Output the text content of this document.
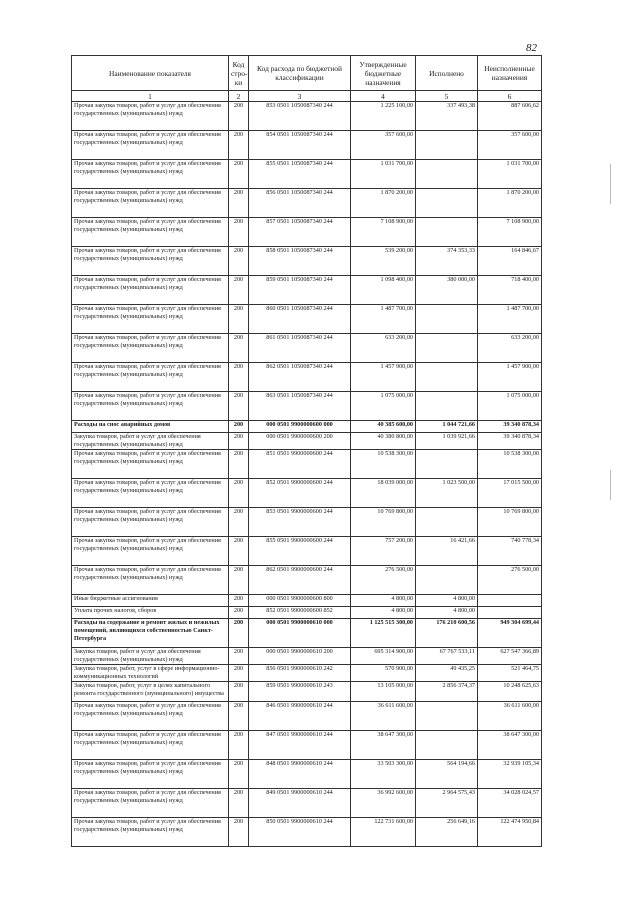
82
Наименование показателя	Код стро-ки	Код расхода по бюджетной классификации	Утвержденные бюджетные назначения	Исполнено	Неисполненные назначения
1	2	3	4	5	6
Прочая закупка товаров, работ и услуг для обеспечения государственных (муниципальных) нужд	200	853 0501 1050087340 244	1 225 100,00	337 493,38	887 606,62
Прочая закупка товаров, работ и услуг для обеспечения государственных (муниципальных) нужд	200	854 0501 1050087340 244	357 600,00		357 600,00
Прочая закупка товаров, работ и услуг для обеспечения государственных (муниципальных) нужд	200	855 0501 1050087340 244	1 031 700,00		1 031 700,00
Прочая закупка товаров, работ и услуг для обеспечения государственных (муниципальных) нужд	200	856 0501 1050087340 244	1 870 200,00		1 870 200,00
Прочая закупка товаров, работ и услуг для обеспечения государственных (муниципальных) нужд	200	857 0501 1050087340 244	7 108 900,00		7 108 900,00
Прочая закупка товаров, работ и услуг для обеспечения государственных (муниципальных) нужд	200	858 0501 1050087340 244	539 200,00	374 353,33	164 846,67
Прочая закупка товаров, работ и услуг для обеспечения государственных (муниципальных) нужд	200	859 0501 1050087340 244	1 098 400,00	380 000,00	718 400,00
Прочая закупка товаров, работ и услуг для обеспечения государственных (муниципальных) нужд	200	860 0501 1050087340 244	1 487 700,00		1 487 700,00
Прочая закупка товаров, работ и услуг для обеспечения государственных (муниципальных) нужд	200	861 0501 1050087340 244	633 200,00		633 200,00
Прочая закупка товаров, работ и услуг для обеспечения государственных (муниципальных) нужд	200	862 0501 1050087340 244	1 457 900,00		1 457 900,00
Прочая закупка товаров, работ и услуг для обеспечения государственных (муниципальных) нужд	200	863 0501 1050087340 244	1 075 000,00		1 075 000,00
Расходы на снос аварийных домов	200	000 0501 9900000600 000	40 385 600,00	1 044 721,66	39 340 878,34
Закупка товаров, работ и услуг для обеспечения государственных (муниципальных) нужд	200	000 0501 9900000600 200	40 380 800,00	1 039 921,66	39 340 878,34
Прочая закупка товаров, работ и услуг для обеспечения государственных (муниципальных) нужд	200	851 0501 9900000600 244	10 538 300,00		10 538 300,00
Прочая закупка товаров, работ и услуг для обеспечения государственных (муниципальных) нужд	200	852 0501 9900000600 244	18 039 000,00	1 023 500,00	17 015 500,00
Прочая закупка товаров, работ и услуг для обеспечения государственных (муниципальных) нужд	200	853 0501 9900000600 244	10 769 800,00		10 769 800,00
Прочая закупка товаров, работ и услуг для обеспечения государственных (муниципальных) нужд	200	855 0501 9900000600 244	757 200,00	16 421,66	740 778,34
Прочая закупка товаров, работ и услуг для обеспечения государственных (муниципальных) нужд	200	862 0501 9900000600 244	276 500,00		276 500,00
Иные бюджетные ассигнования	200	000 0501 9900000600 800	4 800,00	4 800,00	
Уплата прочих налогов, сборов	200	852 0501 9900000600 852	4 800,00	4 800,00	
Расходы на содержание и ремонт жилых и нежилых помещений, являющихся собственностью Санкт-Петербурга	200	000 0501 9900000610 000	1 125 515 300,00	176 210 600,56	949 304 699,44
Закупка товаров, работ и услуг для обеспечения государственных (муниципальных) нужд	200	000 0501 9900000610 200	695 314 900,00	67 767 533,11	627 547 366,89
Закупка товаров, работ, услуг в сфере информационно-коммуникационных технологий	200	856 0501 9900000610 242	570 900,00	49 435,25	521 464,75
Закупка товаров, работ, услуг в целях капитального ремонта государственного (муниципального) имущества	200	859 0501 9900000610 243	13 105 000,00	2 856 374,37	10 248 625,63
Прочая закупка товаров, работ и услуг для обеспечения государственных (муниципальных) нужд	200	846 0501 9900000610 244	36 611 600,00		36 611 600,00
Прочая закупка товаров, работ и услуг для обеспечения государственных (муниципальных) нужд	200	847 0501 9900000610 244	38 647 300,00		38 647 300,00
Прочая закупка товаров, работ и услуг для обеспечения государственных (муниципальных) нужд	200	848 0501 9900000610 244	33 503 300,00	564 194,66	32 939 105,34
Прочая закупка товаров, работ и услуг для обеспечения государственных (муниципальных) нужд	200	849 0501 9900000610 244	36 992 600,00	2 964 575,43	34 028 024,57
Прочая закупка товаров, работ и услуг для обеспечения государственных (муниципальных) нужд	200	850 0501 9900000610 244	122 731 600,00	256 649,16	122 474 950,84
